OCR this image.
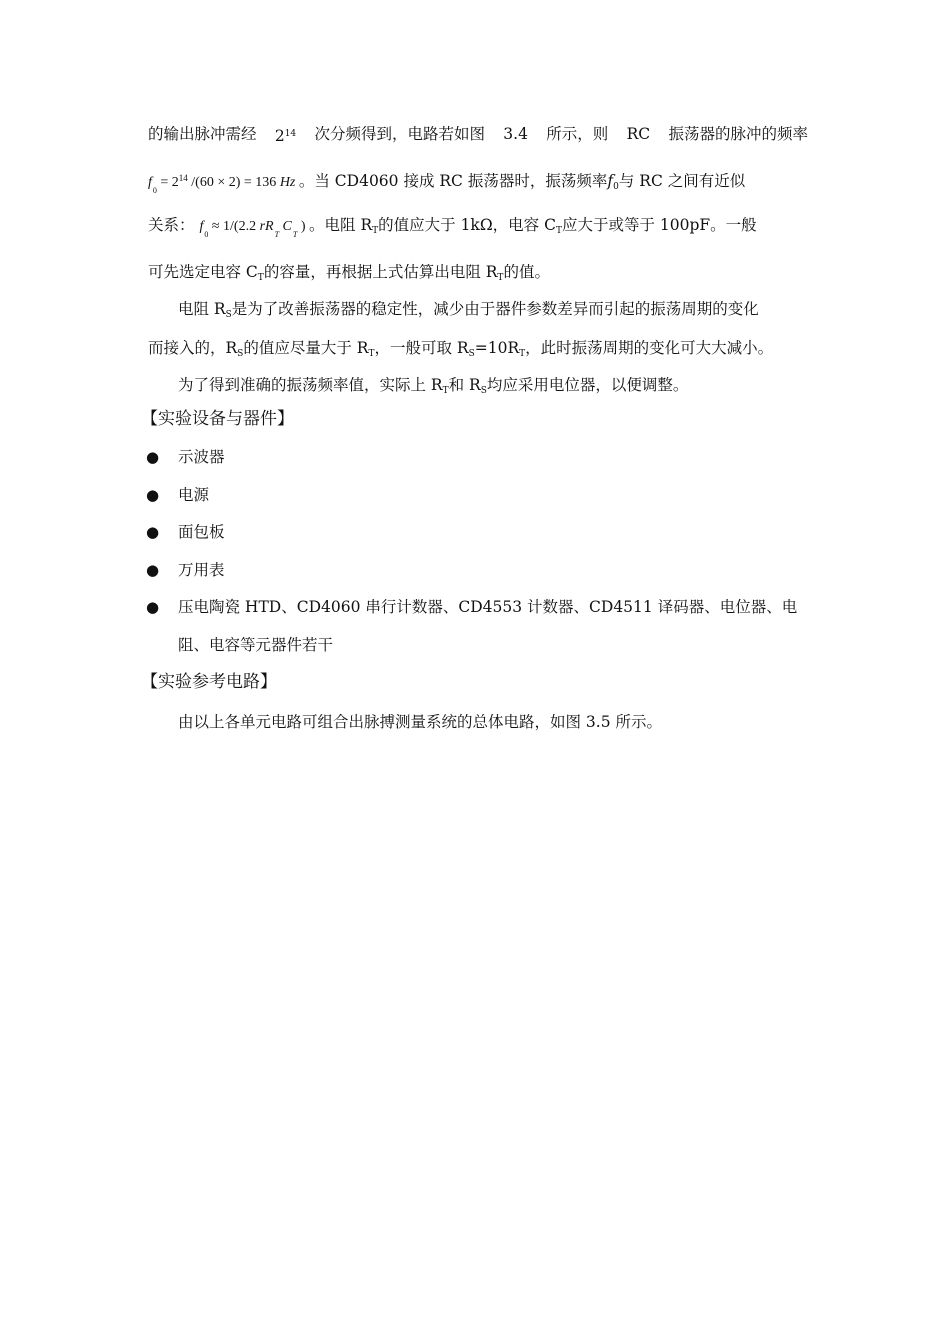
的输出脉冲需经 $2^{14}$ 次分频得到，电路若如图 3.4 所示，则 RC 振荡器的脉冲的频率
$f_0 = 2^{14}$ /(60 × 2) = 136 Hz 。当 CD4060 接成 RC 振荡器时，振荡频率$f_0$与 RC 之间有近似
关系： $f_0 \approx 1/(2.2$ $rR_T$ $C_T$ ) 。电阻 $R_T$的值应大于 1kΩ，电容 $C_T$应大于或等于 100pF。一般
可先选定电容 $C_T$的容量，再根据上式估算出电阻 $R_T$的值。
电阻 $R_S$是为了改善振荡器的稳定性，减少由于器件参数差异而引起的振荡周期的变化
而接入的，$R_S$的值应尽量大于 $R_T$，一般可取 $R_S=10R_T$，此时振荡周期的变化可大大减小。
为了得到准确的振荡频率值，实际上 $R_T$和 $R_S$均应采用电位器，以便调整。
【实验设备与器件】
● 示波器
● 电源
● 面包板
● 万用表
● 压电陶瓷 HTD、CD4060 串行计数器、CD4553 计数器、CD4511 译码器、电位器、电
阻、电容等元器件若干
【实验参考电路】
由以上各单元电路可组合出脉搏测量系统的总体电路，如图 3.5 所示。
